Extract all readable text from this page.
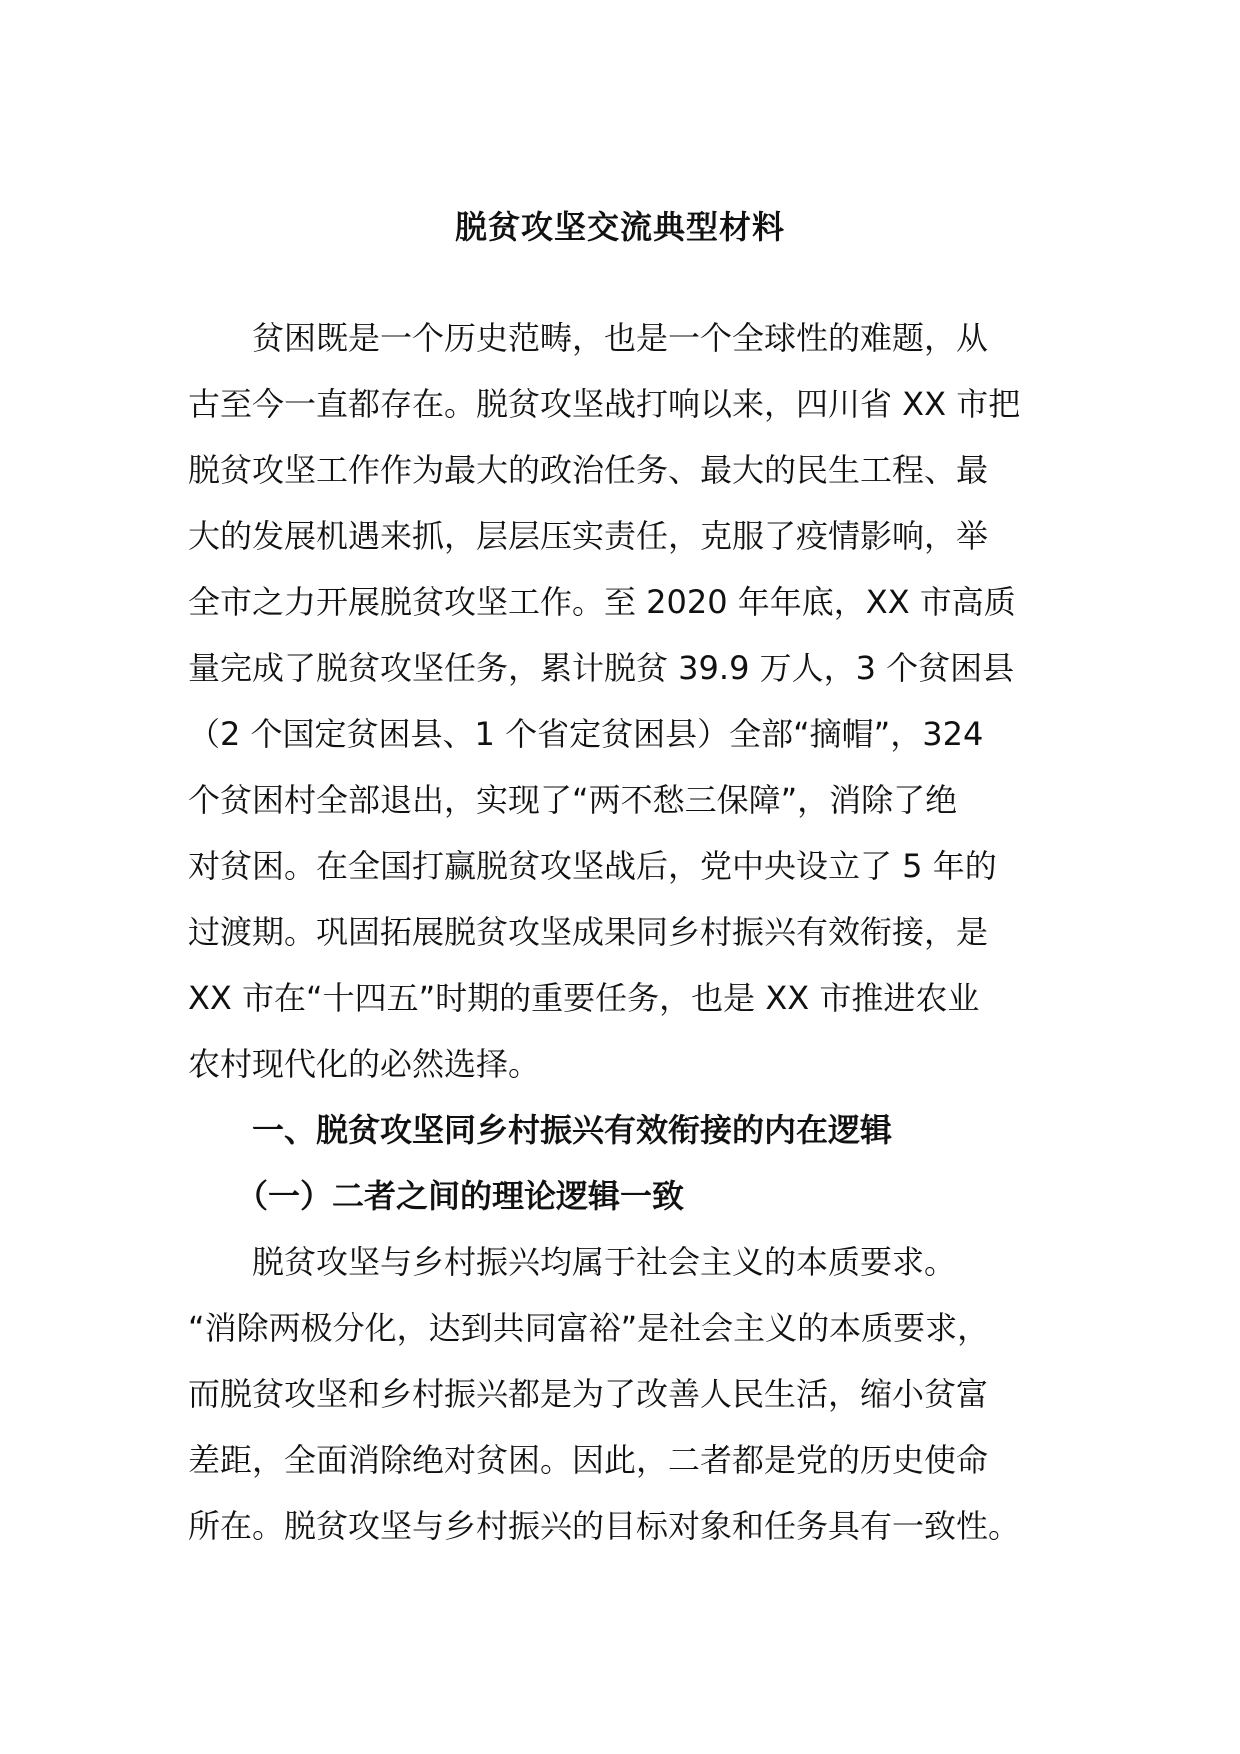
脱贫攻坚交流典型材料
　　贫困既是一个历史范畴，也是一个全球性的难题，从
古至今一直都存在。脱贫攻坚战打响以来，四川省 XX 市把
脱贫攻坚工作作为最大的政治任务、最大的民生工程、最
大的发展机遇来抓，层层压实责任，克服了疫情影响，举
全市之力开展脱贫攻坚工作。至 2020 年年底，XX 市高质
量完成了脱贫攻坚任务，累计脱贫 39.9 万人，3 个贫困县
（2 个国定贫困县、1 个省定贫困县）全部“摘帽”，324
个贫困村全部退出，实现了“两不愁三保障”，消除了绝
对贫困。在全国打赢脱贫攻坚战后，党中央设立了 5 年的
过渡期。巩固拓展脱贫攻坚成果同乡村振兴有效衔接，是
XX 市在“十四五”时期的重要任务，也是 XX 市推进农业
农村现代化的必然选择。
　　一、脱贫攻坚同乡村振兴有效衔接的内在逻辑
　　（一）二者之间的理论逻辑一致
　　脱贫攻坚与乡村振兴均属于社会主义的本质要求。
“消除两极分化，达到共同富裕”是社会主义的本质要求，
而脱贫攻坚和乡村振兴都是为了改善人民生活，缩小贫富
差距，全面消除绝对贫困。因此，二者都是党的历史使命
所在。脱贫攻坚与乡村振兴的目标对象和任务具有一致性。
